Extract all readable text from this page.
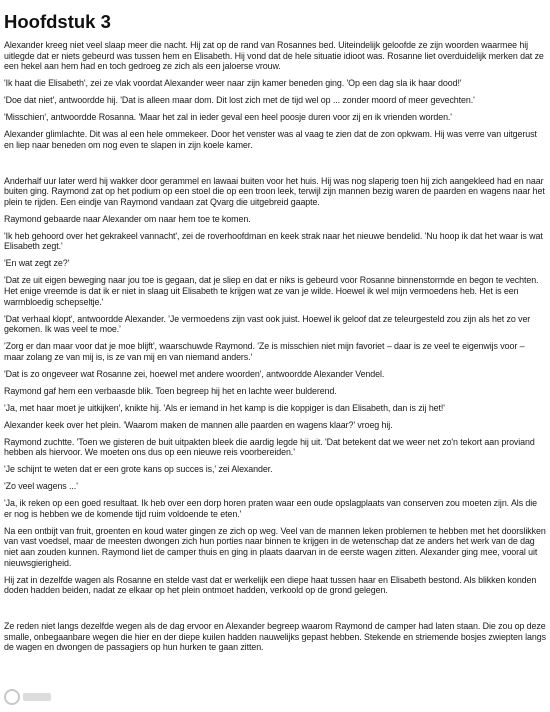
Hoofdstuk 3

Alexander kreeg niet veel slaap meer die nacht. Hij zat op de rand van Rosannes bed. Uiteindelijk geloofde ze zijn woorden waarmee hij uitlegde dat er niets gebeurd was tussen hem en Elisabeth. Hij vond dat de hele situatie idioot was. Rosanne liet overduidelijk merken dat ze een hekel aan hem had en toch gedroeg ze zich als een jaloerse vrouw.

'Ik haat die Elisabeth', zei ze vlak voordat Alexander weer naar zijn kamer beneden ging. 'Op een dag sla ik haar dood!'

'Doe dat niet', antwoordde hij. 'Dat is alleen maar dom. Dit lost zich met de tijd wel op ... zonder moord of meer gevechten.'

'Misschien', antwoordde Rosanna. 'Maar het zal in ieder geval een heel poosje duren voor zij en ik vrienden worden.'

Alexander glimlachte. Dit was al een hele ommekeer. Door het venster was al vaag te zien dat de zon opkwam. Hij was verre van uitgerust en liep naar beneden om nog even te slapen in zijn koele kamer.

Anderhalf uur later werd hij wakker door gerammel en lawaai buiten voor het huis. Hij was nog slaperig toen hij zich aangekleed had en naar buiten ging. Raymond zat op het podium op een stoel die op een troon leek, terwijl zijn mannen bezig waren de paarden en wagens naar het plein te rijden. Een eindje van Raymond vandaan zat Qvarg die uitgebreid gaapte.

Raymond gebaarde naar Alexander om naar hem toe te komen.

'Ik heb gehoord over het gekrakeel vannacht', zei de roverhoofdman en keek strak naar het nieuwe bendelid. 'Nu hoop ik dat het waar is wat Elisabeth zegt.'

'En wat zegt ze?'

'Dat ze uit eigen beweging naar jou toe is gegaan, dat je sliep en dat er niks is gebeurd voor Rosanne binnenstormde en begon te vechten. Het enige vreemde is dat ik er niet in slaag uit Elisabeth te krijgen wat ze van je wilde. Hoewel ik wel mijn vermoedens heb. Het is een warmbloedig schepseltje.'

'Dat verhaal klopt', antwoordde Alexander. 'Je vermoedens zijn vast ook juist. Hoewel ik geloof dat ze teleurgesteld zou zijn als het zo ver gekomen. Ik was veel te moe.'

'Zorg er dan maar voor dat je moe blijft', waarschuwde Raymond. 'Ze is misschien niet mijn favoriet – daar is ze veel te eigenwijs voor – maar zolang ze van mij is, is ze van mij en van niemand anders.'

'Dat is zo ongeveer wat Rosanne zei, hoewel met andere woorden', antwoordde Alexander Vendel.

Raymond gaf hem een verbaasde blik. Toen begreep hij het en lachte weer bulderend.

'Ja, met haar moet je uitkijken', knikte hij. 'Als er iemand in het kamp is die koppiger is dan Elisabeth, dan is zij het!'

Alexander keek over het plein. 'Waarom maken de mannen alle paarden en wagens klaar?' vroeg hij.

Raymond zuchtte. 'Toen we gisteren de buit uitpakten bleek die aardig legde hij uit. 'Dat betekent dat we weer net zo'n tekort aan proviand hebben als hiervoor. We moeten ons dus op een nieuwe reis voorbereiden.'

'Je schijnt te weten dat er een grote kans op succes is,' zei Alexander.

'Zo veel wagens ...'

'Ja, ik reken op een goed resultaat. Ik heb over een dorp horen praten waar een oude opslagplaats van conserven zou moeten zijn. Als die er nog is hebben we de komende tijd ruim voldoende te eten.'

Na een ontbijt van fruit, groenten en koud water gingen ze zich op weg. Veel van de mannen leken problemen te hebben met het doorslikken van vast voedsel, maar de meesten dwongen zich hun porties naar binnen te krijgen in de wetenschap dat ze anders het werk van de dag niet aan zouden kunnen. Raymond liet de camper thuis en ging in plaats daarvan in de eerste wagen zitten. Alexander ging mee, vooral uit nieuwsgierigheid.

Hij zat in dezelfde wagen als Rosanne en stelde vast dat er werkelijk een diepe haat tussen haar en Elisabeth bestond. Als blikken konden doden hadden beiden, nadat ze elkaar op het plein ontmoet hadden, verkoold op de grond gelegen.

Ze reden niet langs dezelfde wegen als de dag ervoor en Alexander begreep waarom Raymond de camper had laten staan. Die zou op deze smalle, onbegaanbare wegen die hier en der diepe kuilen hadden nauwelijks gepast hebben. Stekende en striemende bosjes zwiepten langs de wagen en dwongen de passagiers op hun hurken te gaan zitten.
